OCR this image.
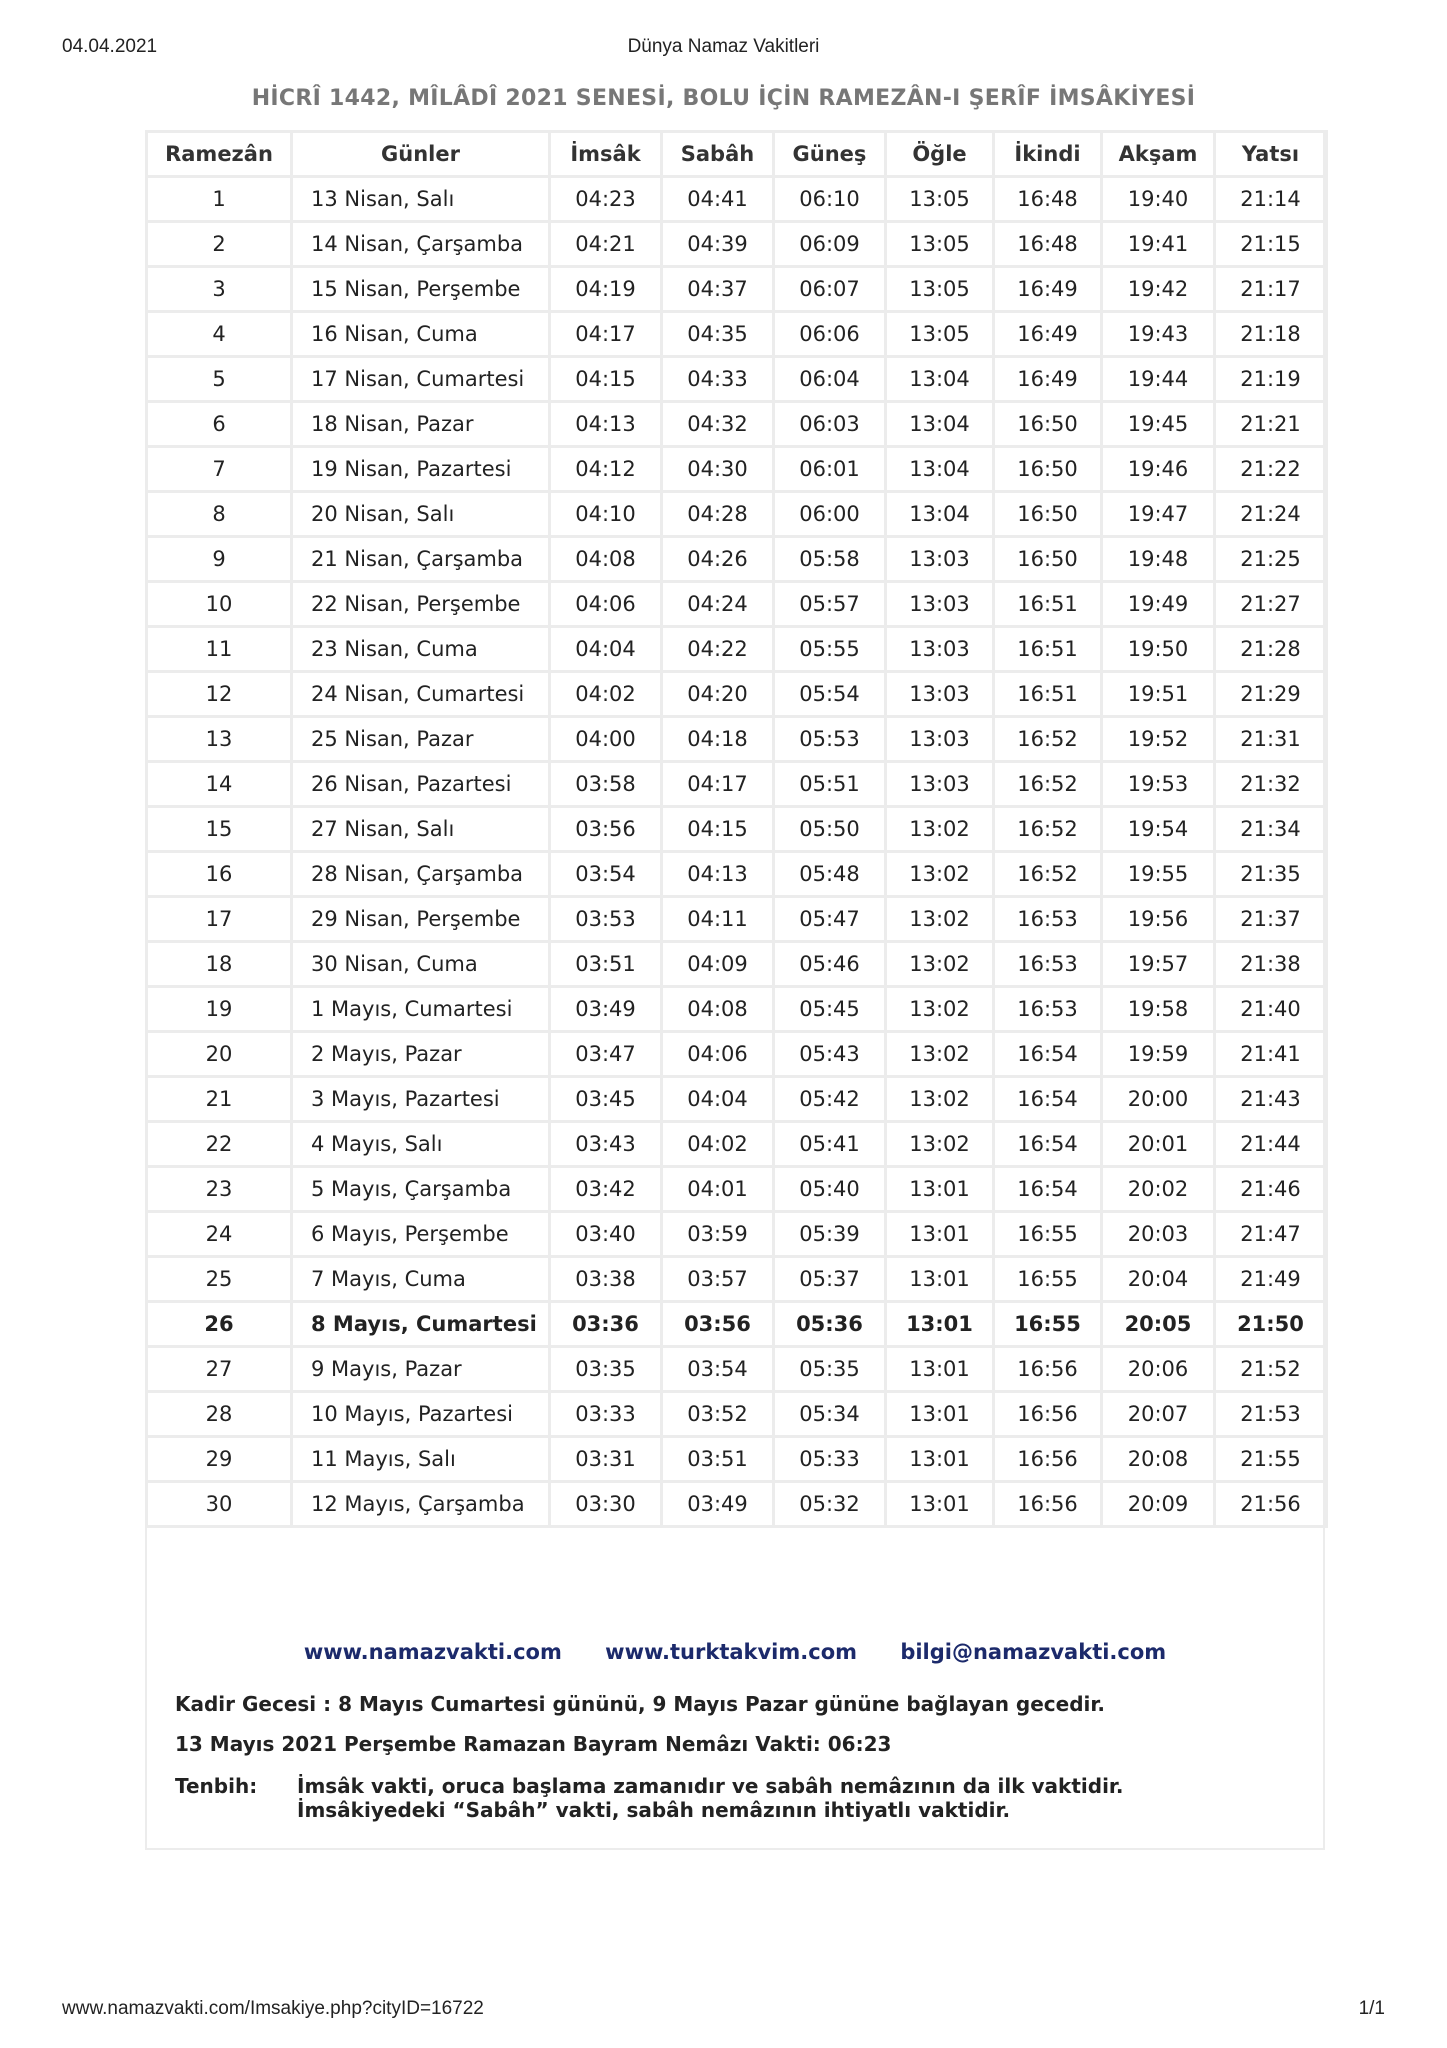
04.04.2021	Dünya Namaz Vakitleri
HİCRÎ 1442, MÎLÂDÎ 2021 SENESİ, BOLU İÇİN RAMEZÂN-I ŞERÎF İMSÂKİYESİ
Ramezân	Günler	İmsâk	Sabâh	Güneş	Öğle	İkindi	Akşam	Yatsı
1	13 Nisan, Salı	04:23	04:41	06:10	13:05	16:48	19:40	21:14
2	14 Nisan, Çarşamba	04:21	04:39	06:09	13:05	16:48	19:41	21:15
3	15 Nisan, Perşembe	04:19	04:37	06:07	13:05	16:49	19:42	21:17
4	16 Nisan, Cuma	04:17	04:35	06:06	13:05	16:49	19:43	21:18
5	17 Nisan, Cumartesi	04:15	04:33	06:04	13:04	16:49	19:44	21:19
6	18 Nisan, Pazar	04:13	04:32	06:03	13:04	16:50	19:45	21:21
7	19 Nisan, Pazartesi	04:12	04:30	06:01	13:04	16:50	19:46	21:22
8	20 Nisan, Salı	04:10	04:28	06:00	13:04	16:50	19:47	21:24
9	21 Nisan, Çarşamba	04:08	04:26	05:58	13:03	16:50	19:48	21:25
10	22 Nisan, Perşembe	04:06	04:24	05:57	13:03	16:51	19:49	21:27
11	23 Nisan, Cuma	04:04	04:22	05:55	13:03	16:51	19:50	21:28
12	24 Nisan, Cumartesi	04:02	04:20	05:54	13:03	16:51	19:51	21:29
13	25 Nisan, Pazar	04:00	04:18	05:53	13:03	16:52	19:52	21:31
14	26 Nisan, Pazartesi	03:58	04:17	05:51	13:03	16:52	19:53	21:32
15	27 Nisan, Salı	03:56	04:15	05:50	13:02	16:52	19:54	21:34
16	28 Nisan, Çarşamba	03:54	04:13	05:48	13:02	16:52	19:55	21:35
17	29 Nisan, Perşembe	03:53	04:11	05:47	13:02	16:53	19:56	21:37
18	30 Nisan, Cuma	03:51	04:09	05:46	13:02	16:53	19:57	21:38
19	1 Mayıs, Cumartesi	03:49	04:08	05:45	13:02	16:53	19:58	21:40
20	2 Mayıs, Pazar	03:47	04:06	05:43	13:02	16:54	19:59	21:41
21	3 Mayıs, Pazartesi	03:45	04:04	05:42	13:02	16:54	20:00	21:43
22	4 Mayıs, Salı	03:43	04:02	05:41	13:02	16:54	20:01	21:44
23	5 Mayıs, Çarşamba	03:42	04:01	05:40	13:01	16:54	20:02	21:46
24	6 Mayıs, Perşembe	03:40	03:59	05:39	13:01	16:55	20:03	21:47
25	7 Mayıs, Cuma	03:38	03:57	05:37	13:01	16:55	20:04	21:49
26	8 Mayıs, Cumartesi	03:36	03:56	05:36	13:01	16:55	20:05	21:50
27	9 Mayıs, Pazar	03:35	03:54	05:35	13:01	16:56	20:06	21:52
28	10 Mayıs, Pazartesi	03:33	03:52	05:34	13:01	16:56	20:07	21:53
29	11 Mayıs, Salı	03:31	03:51	05:33	13:01	16:56	20:08	21:55
30	12 Mayıs, Çarşamba	03:30	03:49	05:32	13:01	16:56	20:09	21:56
www.namazvakti.com www.turktakvim.com bilgi@namazvakti.com
Kadir Gecesi : 8 Mayıs Cumartesi gününü, 9 Mayıs Pazar gününe bağlayan gecedir.
13 Mayıs 2021 Perşembe Ramazan Bayram Nemâzı Vakti: 06:23
Tenbih: İmsâk vakti, oruca başlama zamanıdır ve sabâh nemâzının da ilk vaktidir.
İmsâkiyedeki “Sabâh” vakti, sabâh nemâzının ihtiyatlı vaktidir.
www.namazvakti.com/Imsakiye.php?cityID=16722	1/1
